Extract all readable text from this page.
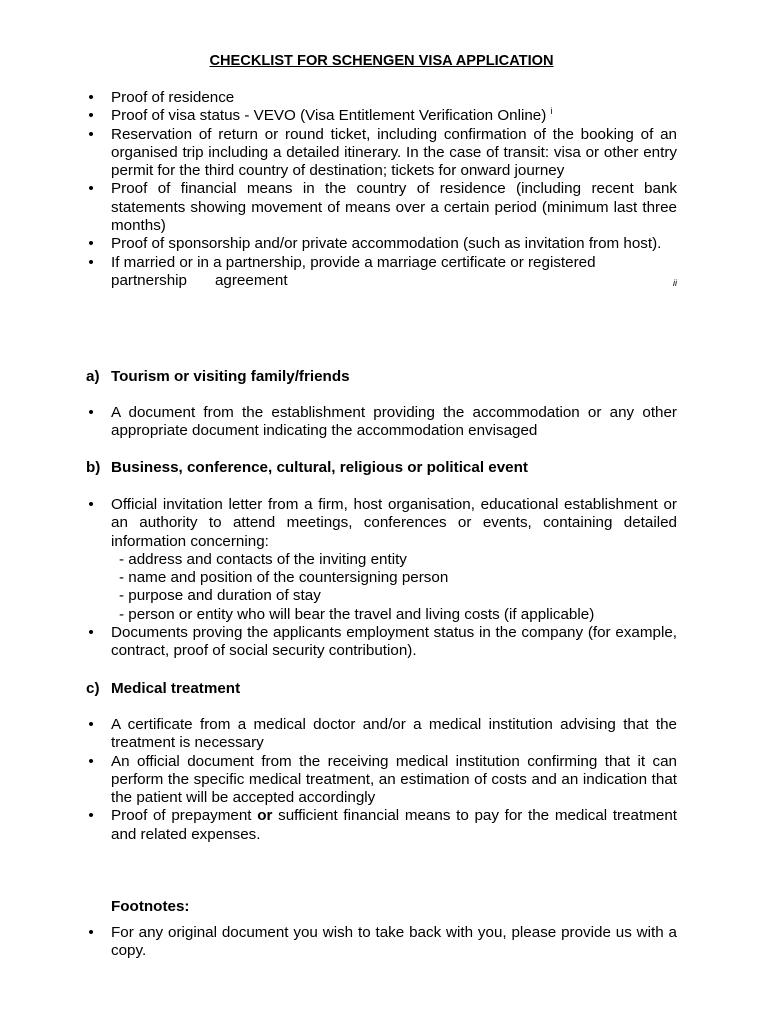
CHECKLIST FOR SCHENGEN VISA APPLICATION
• Proof of residence
• Proof of visa status - VEVO (Visa Entitlement Verification Online) $^i$
• Reservation of return or round ticket, including confirmation of the booking of an organised trip including a detailed itinerary. In the case of transit: visa or other entry permit for the third country of destination; tickets for onward journey
• Proof of financial means in the country of residence (including recent bank statements showing movement of means over a certain period (minimum last three months)
• Proof of sponsorship and/or private accommodation (such as invitation from host).
• If married or in a partnership, provide a marriage certificate or registered
partnership agreement	ii
a) Tourism or visiting family/friends
• A document from the establishment providing the accommodation or any other appropriate document indicating the accommodation envisaged
b) Business, conference, cultural, religious or political event
• Official invitation letter from a firm, host organisation, educational establishment or an authority to attend meetings, conferences or events, containing detailed information concerning:
- address and contacts of the inviting entity
- name and position of the countersigning person
- purpose and duration of stay
- person or entity who will bear the travel and living costs (if applicable)
• Documents proving the applicants employment status in the company (for example, contract, proof of social security contribution).
c) Medical treatment
• A certificate from a medical doctor and/or a medical institution advising that the treatment is necessary
• An official document from the receiving medical institution confirming that it can perform the specific medical treatment, an estimation of costs and an indication that the patient will be accepted accordingly
• Proof of prepayment or sufficient financial means to pay for the medical treatment and related expenses.
Footnotes:
• For any original document you wish to take back with you, please provide us with a copy.
